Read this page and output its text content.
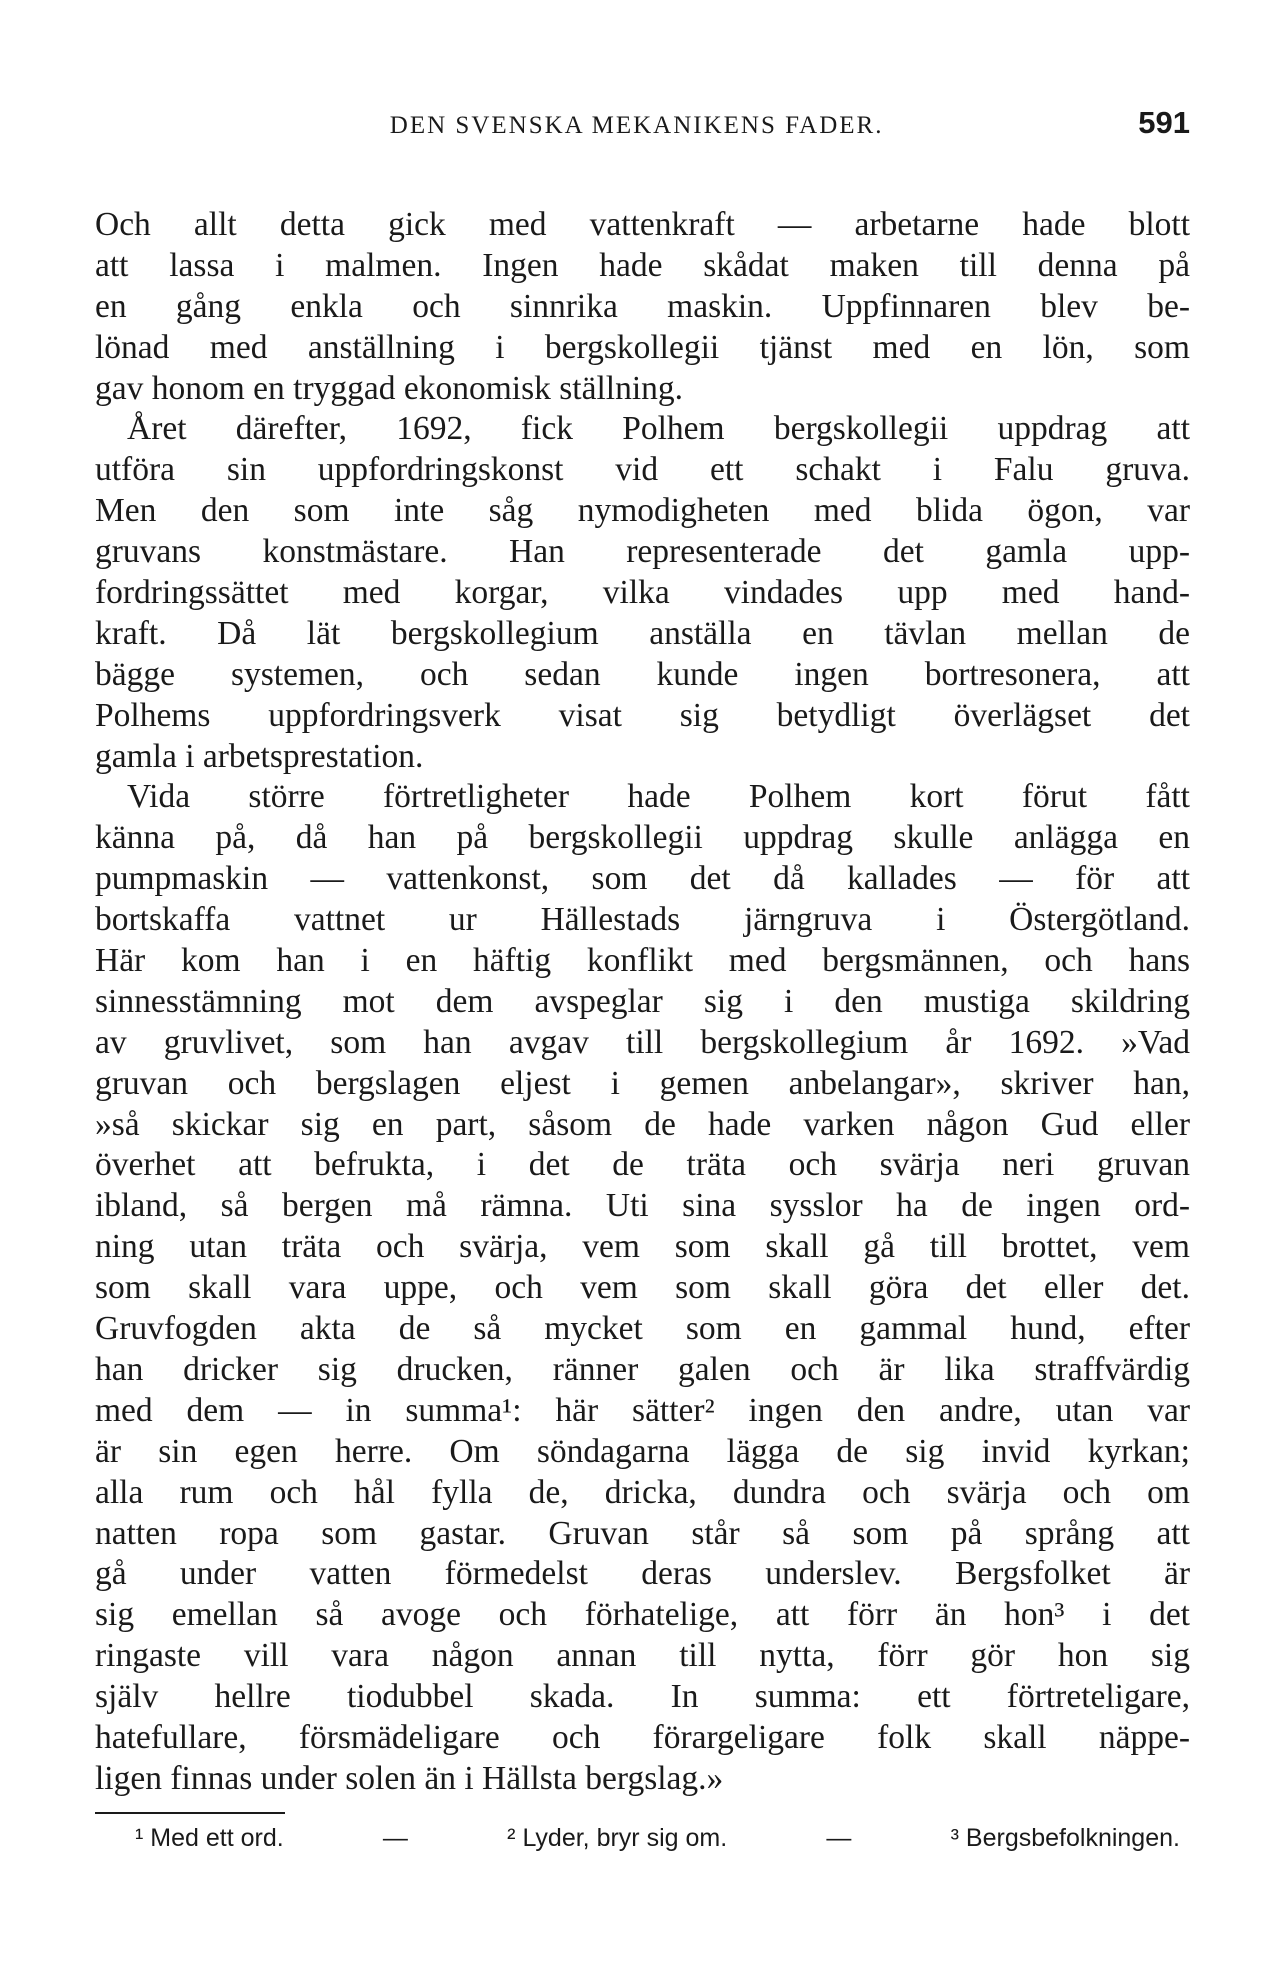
DEN SVENSKA MEKANIKENS FADER.	591
Och allt detta gick med vattenkraft — arbetarne hade blott
att lassa i malmen. Ingen hade skådat maken till denna på
en gång enkla och sinnrika maskin. Uppfinnaren blev be-
lönad med anställning i bergskollegii tjänst med en lön, som
gav honom en tryggad ekonomisk ställning.
Året därefter, 1692, fick Polhem bergskollegii uppdrag att
utföra sin uppfordringskonst vid ett schakt i Falu gruva.
Men den som inte såg nymodigheten med blida ögon, var
gruvans konstmästare. Han representerade det gamla upp-
fordringssättet med korgar, vilka vindades upp med hand-
kraft. Då lät bergskollegium anställa en tävlan mellan de
bägge systemen, och sedan kunde ingen bortresonera, att
Polhems uppfordringsverk visat sig betydligt överlägset det
gamla i arbetsprestation.
Vida större förtretligheter hade Polhem kort förut fått
känna på, då han på bergskollegii uppdrag skulle anlägga en
pumpmaskin — vattenkonst, som det då kallades — för att
bortskaffa vattnet ur Hällestads järngruva i Östergötland.
Här kom han i en häftig konflikt med bergsmännen, och hans
sinnesstämning mot dem avspeglar sig i den mustiga skildring
av gruvlivet, som han avgav till bergskollegium år 1692. »Vad
gruvan och bergslagen eljest i gemen anbelangar», skriver han,
»så skickar sig en part, såsom de hade varken någon Gud eller
överhet att befrukta, i det de träta och svärja neri gruvan
ibland, så bergen må rämna. Uti sina sysslor ha de ingen ord-
ning utan träta och svärja, vem som skall gå till brottet, vem
som skall vara uppe, och vem som skall göra det eller det.
Gruvfogden akta de så mycket som en gammal hund, efter
han dricker sig drucken, ränner galen och är lika straffvärdig
med dem — in summa¹: här sätter² ingen den andre, utan var
är sin egen herre. Om söndagarna lägga de sig invid kyrkan;
alla rum och hål fylla de, dricka, dundra och svärja och om
natten ropa som gastar. Gruvan står så som på språng att
gå under vatten förmedelst deras underslev. Bergsfolket är
sig emellan så avoge och förhatelige, att förr än hon³ i det
ringaste vill vara någon annan till nytta, förr gör hon sig
själv hellre tiodubbel skada. In summa: ett förtreteligare,
hatefullare, försmädeligare och förargeligare folk skall näppe-
ligen finnas under solen än i Hällsta bergslag.»
¹ Med ett ord.	—	² Lyder, bryr sig om.	—	³ Bergsbefolkningen.
